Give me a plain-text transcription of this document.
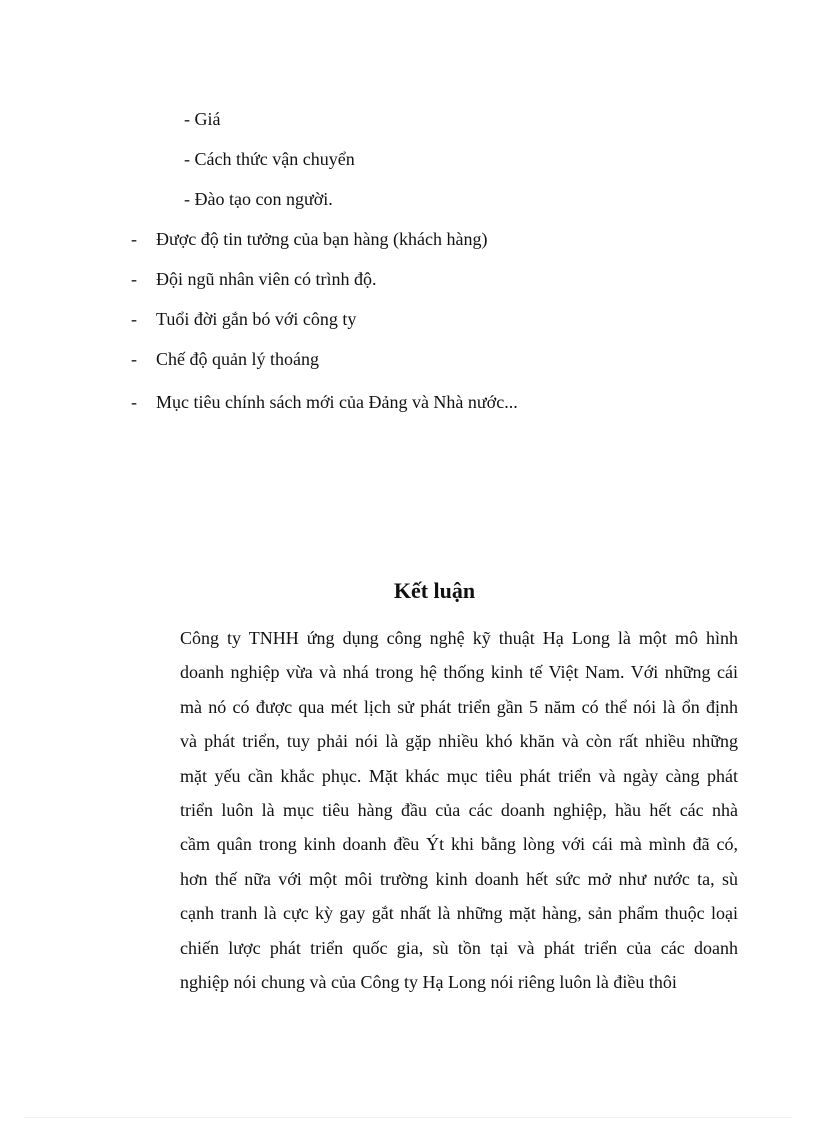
- Giá
- Cách thức vận chuyển
- Đào tạo con người.
- Được độ tin tưởng của bạn hàng (khách hàng)
- Đội ngũ nhân viên có trình độ.
- Tuổi đời gắn bó với công ty
- Chế độ quản lý thoáng
- Mục tiêu chính sách mới của Đảng và Nhà nước...
Kết luận
Công ty TNHH ứng dụng công nghệ kỹ thuật Hạ Long là một mô hình
doanh nghiệp vừa và nhá trong hệ thống kinh tế Việt Nam. Với những cái
mà nó có được qua mét lịch sử phát triển gần 5 năm có thể nói là ổn định
và phát triển, tuy phải nói là gặp nhiều khó khăn và còn rất nhiều những
mặt yếu cần khắc phục. Mặt khác mục tiêu phát triển và ngày càng phát
triển luôn là mục tiêu hàng đầu của các doanh nghiệp, hầu hết các nhà
cầm quân trong kinh doanh đều Ýt khi bằng lòng với cái mà mình đã có,
hơn thế nữa với một môi trường kinh doanh hết sức mở như nước ta, sù
cạnh tranh là cực kỳ gay gắt nhất là những mặt hàng, sản phẩm thuộc loại
chiến lược phát triển quốc gia, sù tồn tại và phát triển của các doanh
nghiệp nói chung và của Công ty Hạ Long nói riêng luôn là điều thôi
